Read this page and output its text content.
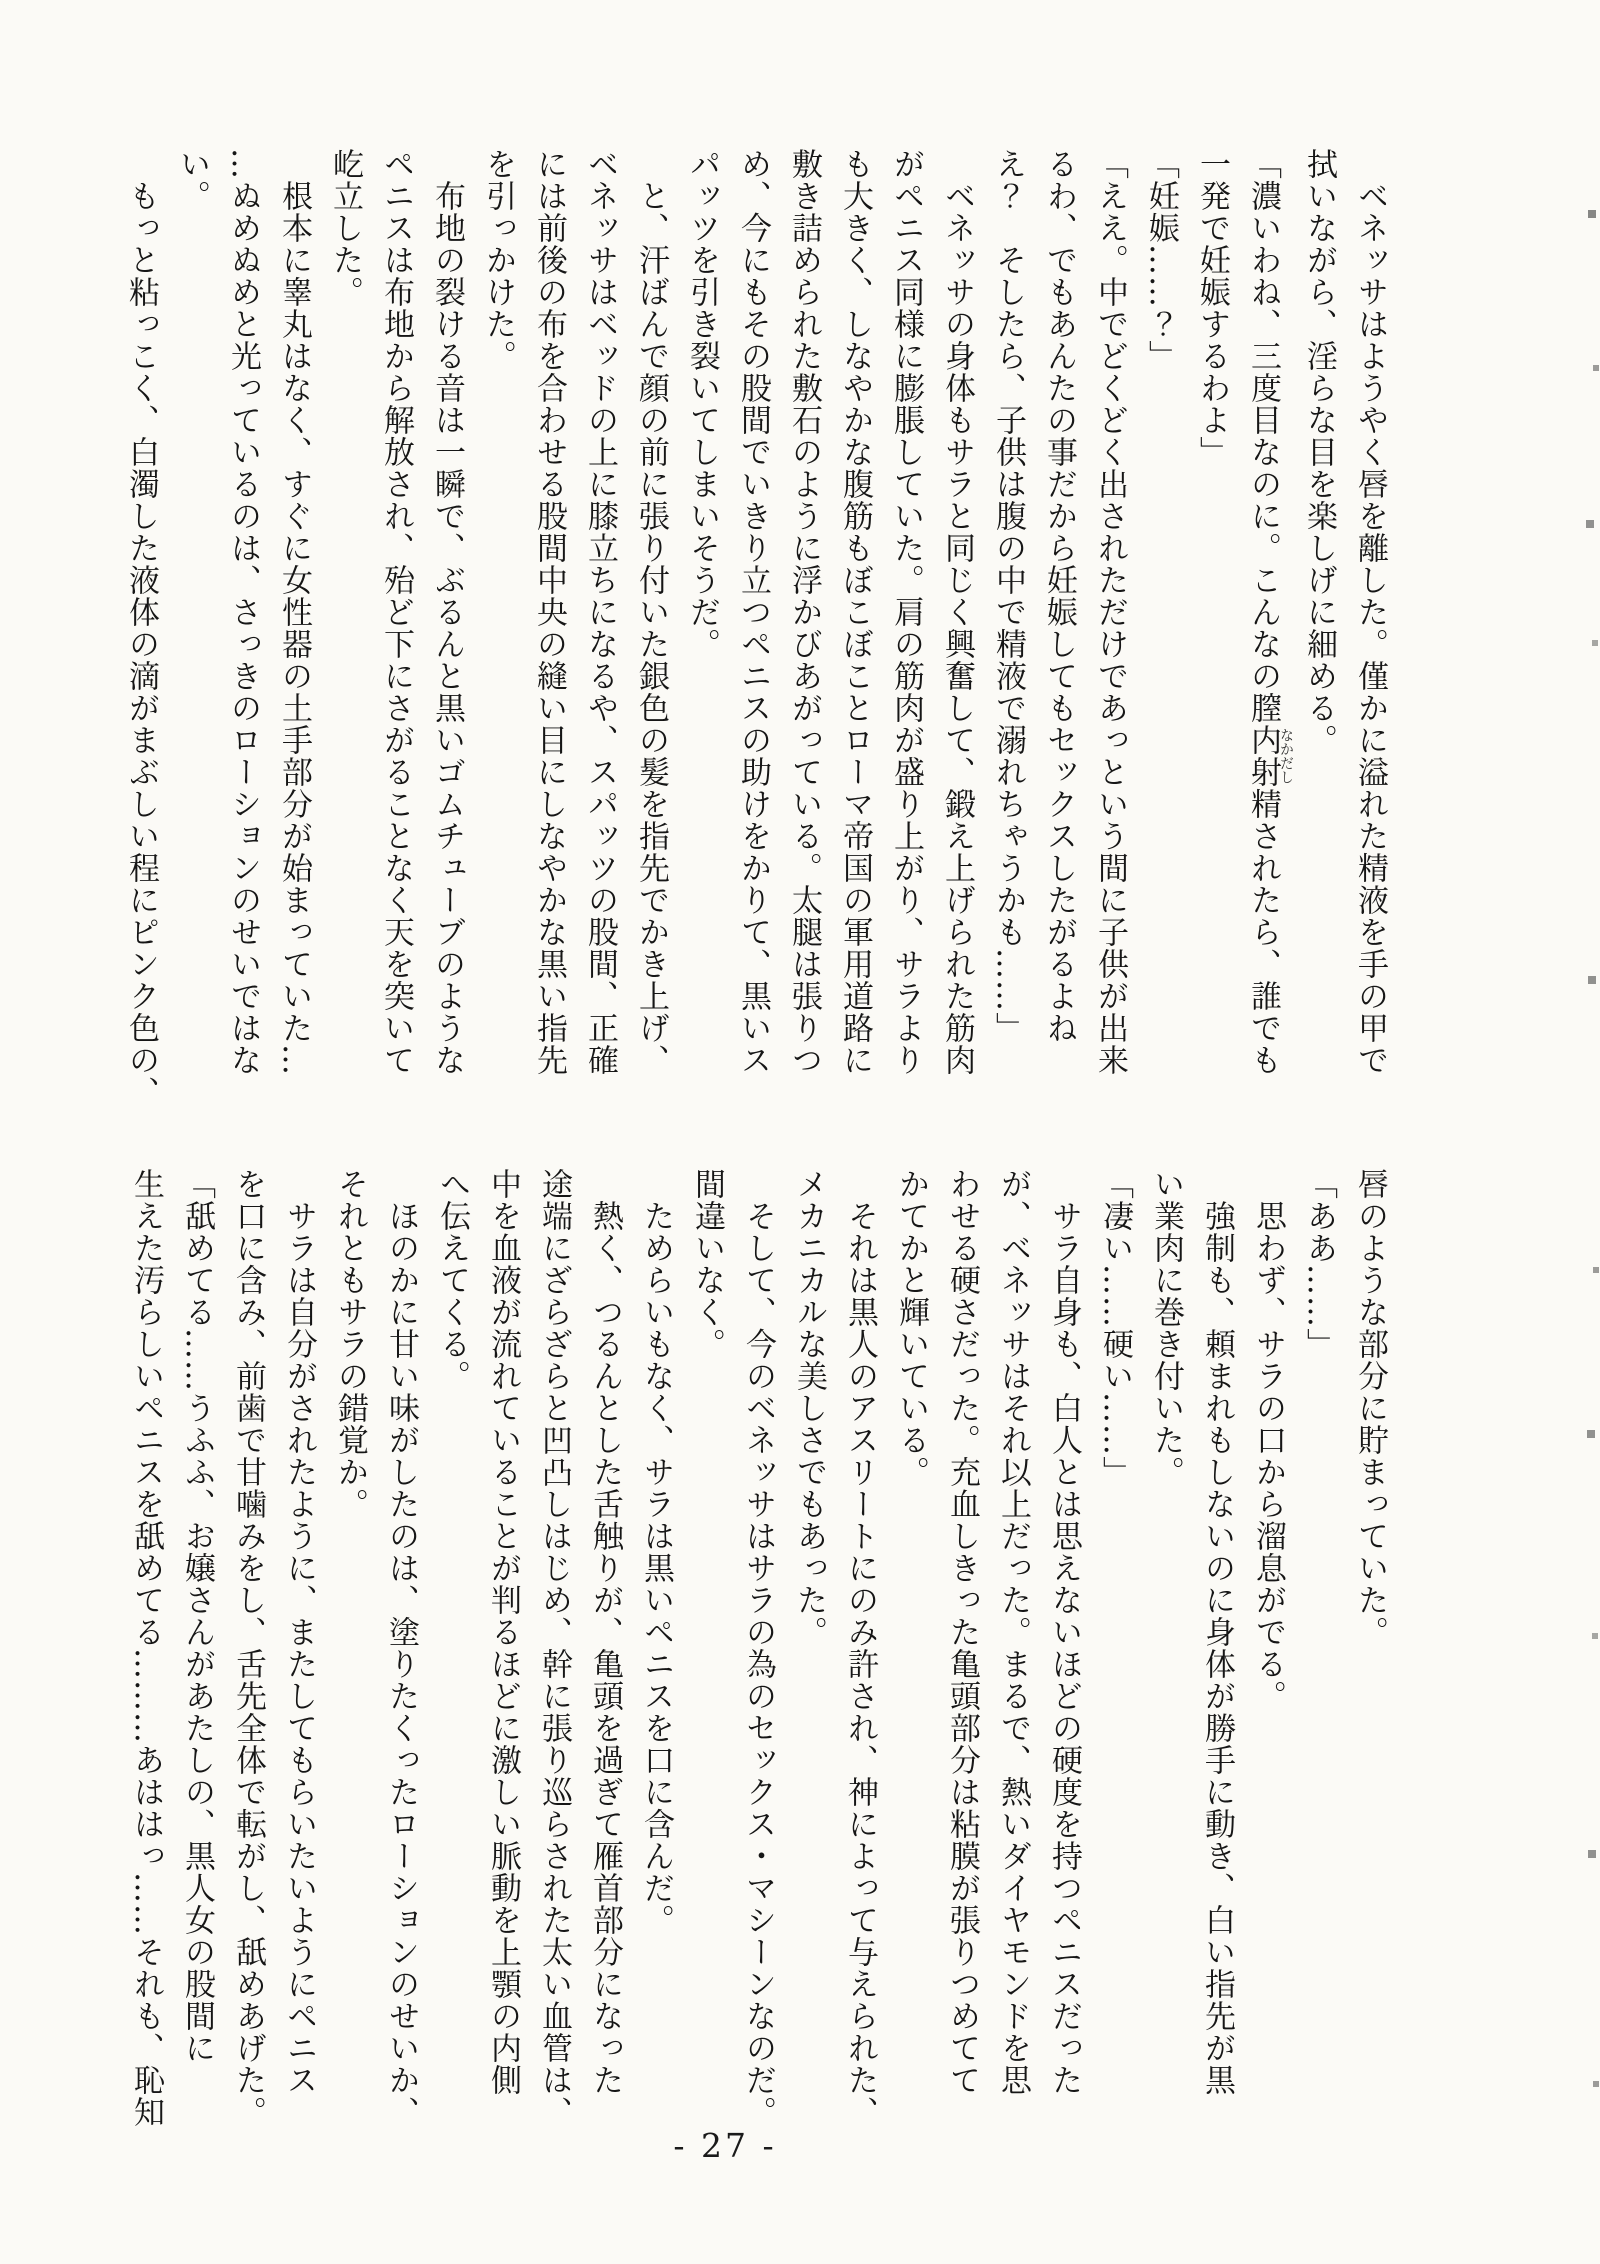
ベネッサはようやく唇を離した。僅かに溢れた精液を手の甲で
拭いながら、淫らな目を楽しげに細める。
「濃いわね、三度目なのに。こんなの膣内射精なかだしされたら、誰でも
一発で妊娠するわよ」
「妊娠……？」
「ええ。中でどくどく出されただけであっという間に子供が出来
るわ、でもあんたの事だから妊娠してもセックスしたがるよね
え？　そしたら、子供は腹の中で精液で溺れちゃうかも……」
ベネッサの身体もサラと同じく興奮して、鍛え上げられた筋肉
がペニス同様に膨脹していた。肩の筋肉が盛り上がり、サラより
も大きく、しなやかな腹筋もぼこぼことローマ帝国の軍用道路に
敷き詰められた敷石のように浮かびあがっている。太腿は張りつ
め、今にもその股間でいきり立つペニスの助けをかりて、黒いス
パッツを引き裂いてしまいそうだ。
と、汗ばんで顔の前に張り付いた銀色の髪を指先でかき上げ、
ベネッサはベッドの上に膝立ちになるや、スパッツの股間、正確
には前後の布を合わせる股間中央の縫い目にしなやかな黒い指先
を引っかけた。
布地の裂ける音は一瞬で、ぶるんと黒いゴムチューブのような
ペニスは布地から解放され、殆ど下にさがることなく天を突いて
屹立した。
根本に睾丸はなく、すぐに女性器の土手部分が始まっていた…
…ぬめぬめと光っているのは、さっきのローションのせいではな
い。
もっと粘っこく、白濁した液体の滴がまぶしい程にピンク色の、
唇のような部分に貯まっていた。
「ああ……」
思わず、サラの口から溜息がでる。
強制も、頼まれもしないのに身体が勝手に動き、白い指先が黒
い業肉に巻き付いた。
「凄い……硬い……」
サラ自身も、白人とは思えないほどの硬度を持つペニスだった
が、ベネッサはそれ以上だった。まるで、熱いダイヤモンドを思
わせる硬さだった。充血しきった亀頭部分は粘膜が張りつめてて
かてかと輝いている。
それは黒人のアスリートにのみ許され、神によって与えられた、
メカニカルな美しさでもあった。
そして、今のベネッサはサラの為のセックス・マシーンなのだ。
間違いなく。
ためらいもなく、サラは黒いペニスを口に含んだ。
熱く、つるんとした舌触りが、亀頭を過ぎて雁首部分になった
途端にざらざらと凹凸しはじめ、幹に張り巡らされた太い血管は、
中を血液が流れていることが判るほどに激しい脈動を上顎の内側
へ伝えてくる。
ほのかに甘い味がしたのは、塗りたくったローションのせいか、
それともサラの錯覚か。
サラは自分がされたように、またしてもらいたいようにペニス
を口に含み、前歯で甘噛みをし、舌先全体で転がし、舐めあげた。
「舐めてる……うふふ、お嬢さんがあたしの、黒人女の股間に
生えた汚らしいペニスを舐めてる………あははっ……それも、恥知
- 27 -
